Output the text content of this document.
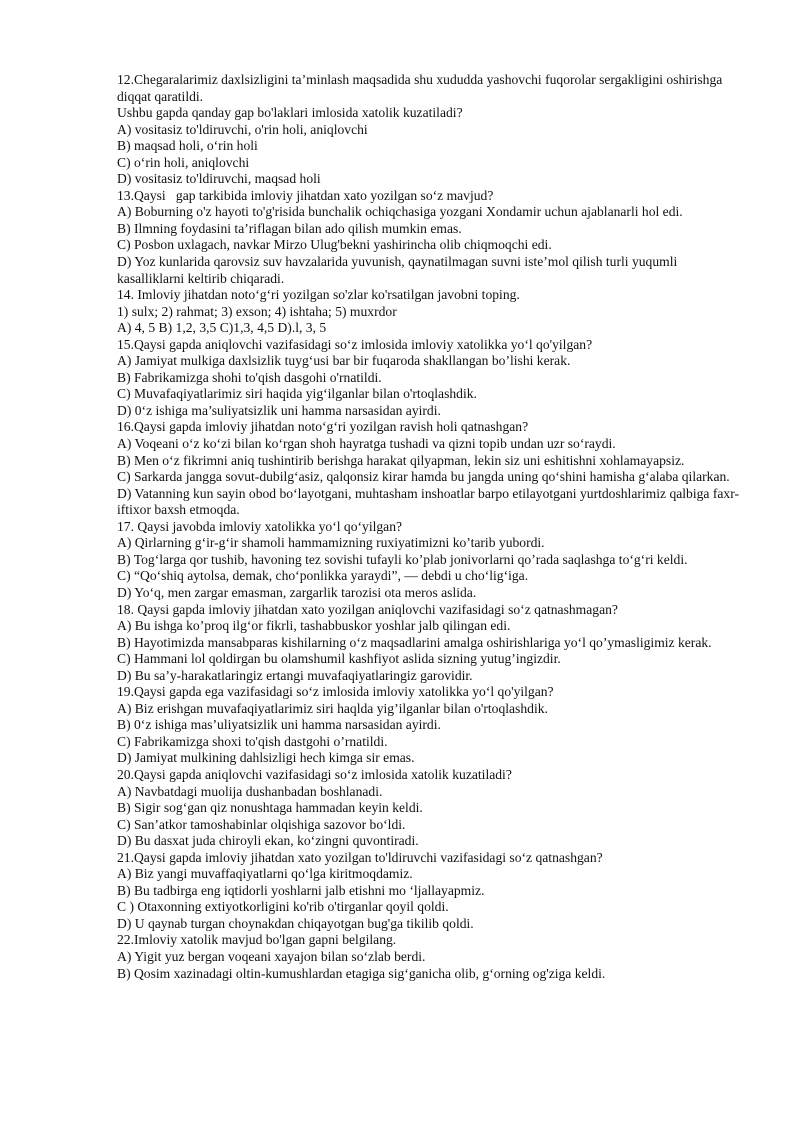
12.Chegaralarimiz daxlsizligini ta’minlash maqsadida shu xududda yashovchi fuqorolar sergakligini oshirishga diqqat qaratildi.

Ushbu gapda qanday gap bo'laklari imlosida xatolik kuzatiladi?

A) vositasiz to'ldiruvchi, o'rin holi, aniqlovchi

B) maqsad holi, o‘rin holi

C) o‘rin holi, aniqlovchi

D) vositasiz to'ldiruvchi, maqsad holi

13.Qaysi   gap tarkibida imloviy jihatdan xato yozilgan so‘z mavjud?

A) Boburning o'z hayoti to'g'risida bunchalik ochiqchasiga yozgani Xondamir uchun ajablanarli hol edi.

B) Ilmning foydasini ta’riflagan bilan ado qilish mumkin emas.

C) Posbon uxlagach, navkar Mirzo Ulug'bekni yashirincha olib chiqmoqchi edi.

D) Yoz kunlarida qarovsiz suv havzalarida yuvunish, qaynatilmagan suvni iste’mol qilish turli yuqumli kasalliklarni keltirib chiqaradi.

14. Imloviy jihatdan noto‘g‘ri yozilgan so'zlar ko'rsatilgan javobni toping.

1) sulx; 2) rahmat; 3) exson; 4) ishtaha; 5) muxrdor

A) 4, 5 B) 1,2, 3,5 C)1,3, 4,5 D).l, 3, 5

15.Qaysi gapda aniqlovchi vazifasidagi so‘z imlosida imloviy xatolikka yo‘l qo'yilgan?

A) Jamiyat mulkiga daxlsizlik tuyg‘usi bar bir fuqaroda shakllangan bo’lishi kerak.

B) Fabrikamizga shohi to'qish dasgohi o'rnatildi.

C) Muvafaqiyatlarimiz siri haqida yig‘ilganlar bilan o'rtoqlashdik.

D) 0‘z ishiga ma’suliyatsizlik uni hamma narsasidan ayirdi.

16.Qaysi gapda imloviy jihatdan noto‘g‘ri yozilgan ravish holi qatnashgan?

A) Voqeani o‘z ko‘zi bilan ko‘rgan shoh hayratga tushadi va qizni topib undan uzr so‘raydi.

B) Men o‘z fikrimni aniq tushintirib berishga harakat qilyapman, lekin siz uni eshitishni xohlamayapsiz.

C) Sarkarda jangga sovut-dubilg‘asiz, qalqonsiz kirar hamda bu jangda uning qo‘shini hamisha g‘alaba qilarkan.

D) Vatanning kun sayin obod bo‘layotgani, muhtasham inshoatlar barpo etilayotgani yurtdoshlarimiz qalbiga faxr-iftixor baxsh etmoqda.

17. Qaysi javobda imloviy xatolikka yo‘l qo‘yilgan?

A) Qirlarning g‘ir-g‘ir shamoli hammamizning ruxiyatimizni ko’tarib yubordi.

B) Tog‘larga qor tushib, havoning tez sovishi tufayli ko’plab jonivorlarni qo’rada saqlashga to‘g‘ri keldi.

C) “Qo‘shiq aytolsa, demak, cho‘ponlikka yaraydi”, — debdi u cho‘lig‘iga.

D) Yo‘q, men zargar emasman, zargarlik tarozisi ota meros aslida.

18. Qaysi gapda imloviy jihatdan xato yozilgan aniqlovchi vazifasidagi so‘z qatnashmagan?

A) Bu ishga ko’proq ilg‘or fikrli, tashabbuskor yoshlar jalb qilingan edi.

B) Hayotimizda mansabparas kishilarning o‘z maqsadlarini amalga oshirishlariga yo‘l qo’ymasligimiz kerak.

C) Hammani lol qoldirgan bu olamshumil kashfiyot aslida sizning yutug’ingizdir.

D) Bu sa’y-harakatlaringiz ertangi muvafaqiyatlaringiz garovidir.

19.Qaysi gapda ega vazifasidagi so‘z imlosida imloviy xatolikka yo‘l qo'yilgan?

A) Biz erishgan muvafaqiyatlarimiz siri haqlda yig’ilganlar bilan o'rtoqlashdik.

B) 0‘z ishiga mas’uliyatsizlik uni hamma narsasidan ayirdi.

C) Fabrikamizga shoxi to'qish dastgohi o’rnatildi.

D) Jamiyat mulkining dahlsizligi hech kimga sir emas.

20.Qaysi gapda aniqlovchi vazifasidagi so‘z imlosida xatolik kuzatiladi?

A) Navbatdagi muolija dushanbadan boshlanadi.

B) Sigir sog‘gan qiz nonushtaga hammadan keyin keldi.

C) San’atkor tamoshabinlar olqishiga sazovor bo‘ldi.

D) Bu dasxat juda chiroyli ekan, ko‘zingni quvontiradi.

21.Qaysi gapda imloviy jihatdan xato yozilgan to'ldiruvchi vazifasidagi so‘z qatnashgan?

A) Biz yangi muvaffaqiyatlarni qo‘lga kiritmoqdamiz.

B) Bu tadbirga eng iqtidorli yoshlarni jalb etishni mo ‘ljallayapmiz.

C ) Otaxonning extiyotkorligini ko'rib o'tirganlar qoyil qoldi.

D) U qaynab turgan choynakdan chiqayotgan bug'ga tikilib qoldi.

22.Imloviy xatolik mavjud bo'lgan gapni belgilang.

A) Yigit yuz bergan voqeani xayajon bilan so‘zlab berdi.

B) Qosim xazinadagi oltin-kumushlardan etagiga sig‘ganicha olib, g‘orning og'ziga keldi.
